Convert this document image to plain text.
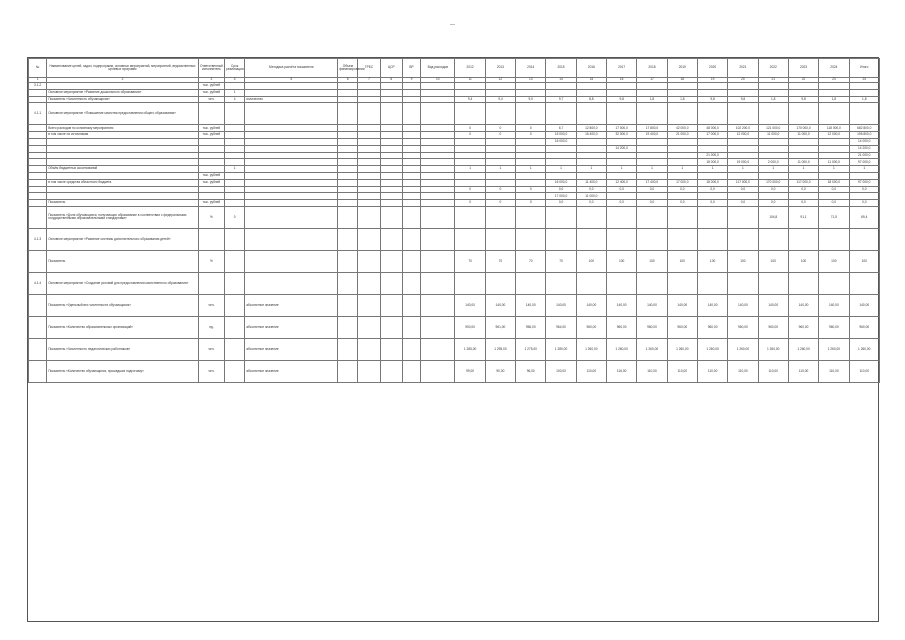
—
№	Наименование целей, задач, подпрограмм, основных мероприятий, мероприятий, ведомственных целевых программ	Ответственный исполнитель	Срок реализации	Методика расчёта показателя	Объем финансирования	ГРБС	ЦСР	ВР	Вид расходов	2012	2013	2014	2015	2016	2017	2018	2019	2020	2021	2022	2023	2024	Итого
1	2	3	4	5	6	7	8	9	10	11	12	13	14	15	16	17	18	19	20	21	22	23	24
3.1.2		тыс. рублей																					
	Основное мероприятие «Развитие дошкольного образования»	тыс. рублей	1																				
	Показатель «Численность обучающихся»	чел.	4	количество						9,4	9,4	9,0	9,7	8,8	9,8	1,8	1,8	9,8	9,8	1,8	9,8	1,8	1,8
4.1.1	Основное мероприятие «Повышение качества предоставления общего образования»																						
	Всего расходов по основному мероприятию	тыс. рублей								0	0	0	6,7	12 800,0	17 000,0	17 800,0	42 000,0	48 000,0	102 200,0	121 000,0	170 000,0	118 000,0	682 800,0
	в том числе по источникам	тыс. рублей								0	0	0	15 000,0	16 400,0	32 000,0	19 400,0	21 000,0	17 000,0	12 000,0	11 000,0	11 000,0	12 000,0	196 800,0
													16 000,0										14 000,0
															14 200,0								14 200,0
																		21 000,0					21 000,0
																		18 000,0	19 000,0	2 000,0	11 000,0	11 000,0	97 000,0
	Объём бюджетных ассигнований		1							1	1	1	1	1	1	1	1	1	1	1	1	1	1
		тыс. рублей																					
	в том числе средства областного бюджета	тыс. рублей											16 000,0	11 400,0	12 400,0	17 400,0	17 000,0	18 000,0	117 000,0	170 000,0	117 000,0	18 000,0	97 000,0
										0	0	0	0,0	0,0	0,0	0,0	0,0	0,0	0,0	0,0	0,0	0,0	0,0
													17 000,0	11 000,0									
	Показатель	тыс. рублей								0	0	0	0,0	0,0	0,0	0,0	0,0	0,0	0,0	0,0	0,0	0,0	0,0
	Показатель «Доля обучающихся, получающих образование в соответствии с федеральными государственными образовательными стандартами»	%	0																	104,8	91,1	71,5	69,4
4.1.3	Основное мероприятие «Развитие системы дополнительного образования детей»																						
	Показатель	%								70	70	70	70	100	100	100	100	100	100	100	100	100	100
4.1.4	Основное мероприятие «Создание условий для предоставления качественного образования»																						
	Показатель «Удельный вес численности обучающихся»	чел.		абсолютное значение						140,00	140,00	140,00	140,00	140,00	140,00	140,00	140,00	140,00	140,00	140,00	140,00	140,00	140,00
	Показатель «Количество образовательных организаций»	ед.		абсолютное значение						900,00	961,00	956,00	964,00	960,00	960,00	960,00	960,00	960,00	960,00	960,00	960,00	960,00	960,00
	Показатель «Численность педагогических работников»	чел.		абсолютное значение						1 285,00	1 295,00	1 275,00	1 280,00	1 260,00	1 260,00	1 260,00	1 260,00	1 260,00	1 260,00	1 260,00	1 260,00	1 260,00	1 260,00
	Показатель «Количество обучающихся, прошедших подготовку»	чел.		абсолютное значение						99,00	90,00	96,00	100,00	110,00	116,00	110,00	110,00	110,00	110,00	110,00	110,00	110,00	110,00
